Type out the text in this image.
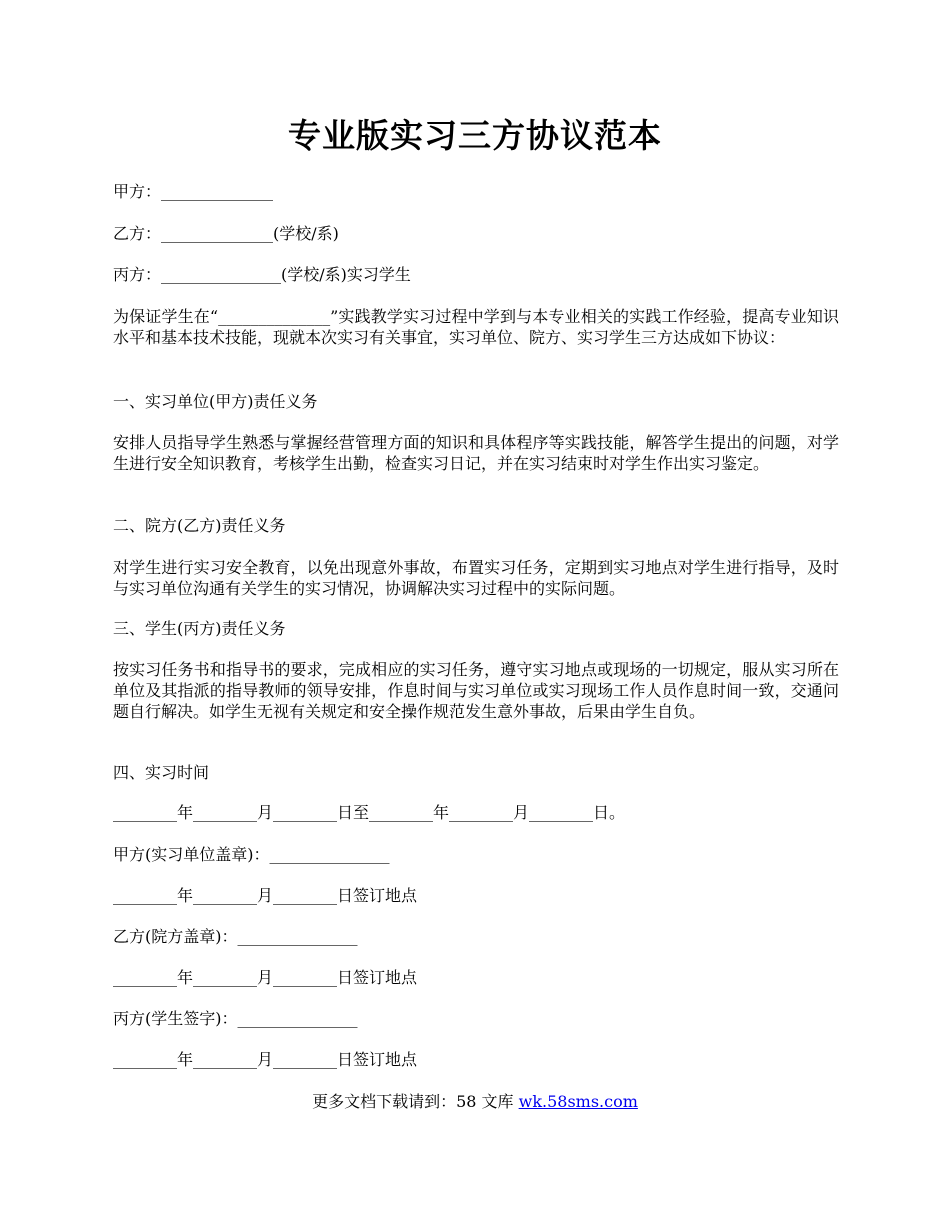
专业版实习三方协议范本
甲方：______________
乙方：______________(学校/系)
丙方：_______________(学校/系)实习学生
为保证学生在“______________”实践教学实习过程中学到与本专业相关的实践工作经验，提高专业知识水平和基本技术技能，现就本次实习有关事宜，实习单位、院方、实习学生三方达成如下协议：
一、实习单位(甲方)责任义务
安排人员指导学生熟悉与掌握经营管理方面的知识和具体程序等实践技能，解答学生提出的问题，对学生进行安全知识教育，考核学生出勤，检查实习日记，并在实习结束时对学生作出实习鉴定。
二、院方(乙方)责任义务
对学生进行实习安全教育，以免出现意外事故，布置实习任务，定期到实习地点对学生进行指导，及时与实习单位沟通有关学生的实习情况，协调解决实习过程中的实际问题。
三、学生(丙方)责任义务
按实习任务书和指导书的要求，完成相应的实习任务，遵守实习地点或现场的一切规定，服从实习所在单位及其指派的指导教师的领导安排，作息时间与实习单位或实习现场工作人员作息时间一致，交通问题自行解决。如学生无视有关规定和安全操作规范发生意外事故，后果由学生自负。
四、实习时间
________年________月________日至________年________月________日。
甲方(实习单位盖章)：_______________
________年________月________日签订地点
乙方(院方盖章)：_______________
________年________月________日签订地点
丙方(学生签字)：_______________
________年________月________日签订地点
更多文档下载请到：58 文库 wk.58sms.com
